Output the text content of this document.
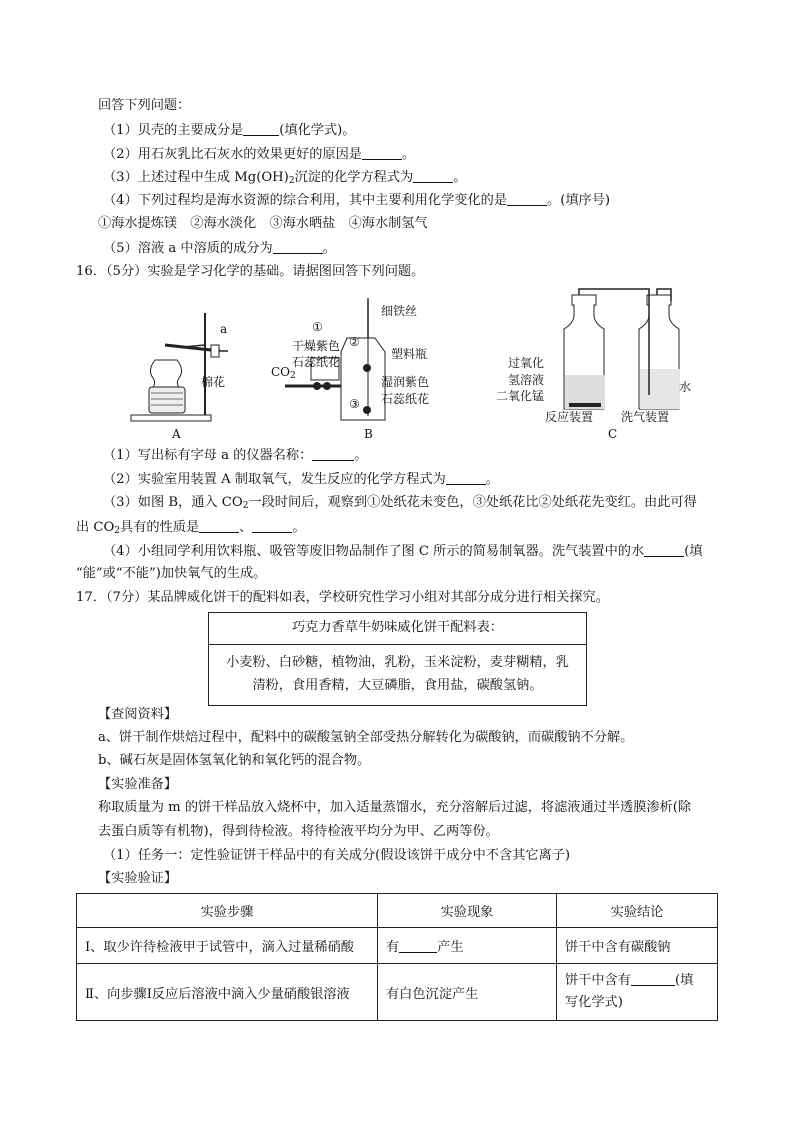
回答下列问题：
（1）贝壳的主要成分是	(填化学式)。
（2）用石灰乳比石灰水的效果更好的原因是	。
（3）上述过程中生成 $Mg(OH)_2$沉淀的化学方程式为	。
（4）下列过程均是海水资源的综合利用，其中主要利用化学变化的是	。(填序号)
①海水提炼镁　②海水淡化　③海水晒盐　④海水制氢气
（5）溶液 a 中溶质的成分为	。
16．（5分）实验是学习化学的基础。请据图回答下列问题。
a
棉花
A
细铁丝
①
干燥紫色
石蕊纸花
②
塑料瓶
$CO_2$	湿润紫色
石蕊纸花
③
B
过氧化
氢溶液
二氧化锰
水
反应装置 洗气装置
C
（1）写出标有字母 a 的仪器名称：	。
（2）实验室用装置 A 制取氧气，发生反应的化学方程式为	。
（3）如图 B，通入 $CO_2$一段时间后，观察到①处纸花未变色，③处纸花比②处纸花先变红。由此可得
出 $CO_2$具有的性质是	、	。
（4）小组同学利用饮料瓶、吸管等废旧物品制作了图 C 所示的简易制氧器。洗气装置中的水	(填
“能”或“不能”)加快氧气的生成。
17．（7分）某品牌威化饼干的配料如表，学校研究性学习小组对其部分成分进行相关探究。
巧克力香草牛奶味威化饼干配料表：
小麦粉、白砂糖，植物油，乳粉，玉米淀粉，麦芽糊精，乳
清粉，食用香精，大豆磷脂，食用盐，碳酸氢钠。
【查阅资料】
a、饼干制作烘焙过程中，配料中的碳酸氢钠全部受热分解转化为碳酸钠，而碳酸钠不分解。
b、碱石灰是固体氢氧化钠和氧化钙的混合物。
【实验准备】
称取质量为 m 的饼干样品放入烧杯中，加入适量蒸馏水，充分溶解后过滤，将滤液通过半透膜渗析(除
去蛋白质等有机物)，得到待检液。将待检液平均分为甲、乙两等份。
（1）任务一：定性验证饼干样品中的有关成分(假设该饼干成分中不含其它离子)
【实验验证】
实验步骤	实验现象	实验结论
Ⅰ、取少许待检液甲于试管中，滴入过量稀硝酸	有 产生	饼干中含有碳酸钠
Ⅱ、向步骤Ⅰ反应后溶液中滴入少量硝酸银溶液	有白色沉淀产生	饼干中含有 (填
写化学式)
